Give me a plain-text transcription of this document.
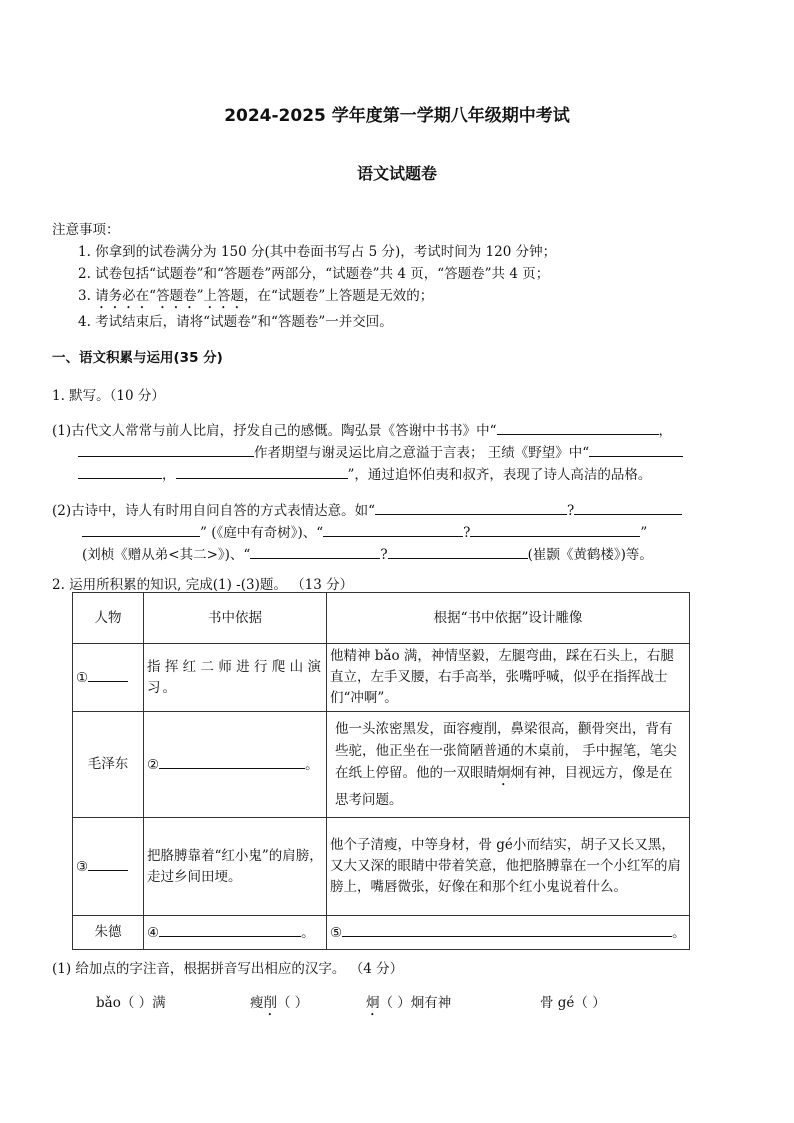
2024-2025 学年度第一学期八年级期中考试
语文试题卷
注意事项：
1. 你拿到的试卷满分为 150 分(其中卷面书写占 5 分)，考试时间为 120 分钟；
2. 试卷包括“试题卷”和“答题卷”两部分，“试题卷”共 4 页，“答题卷”共 4 页；
3. 请务必在“答题卷”上答题，在“试题卷”上答题是无效的；
4. 考试结束后，请将“试题卷”和“答题卷”一并交回。
一、语文积累与运用(35 分)
1. 默写。（10 分）
(1)古代文人常常与前人比肩，抒发自己的感慨。陶弘景《答谢中书书》中“	，
作者期望与谢灵运比肩之意溢于言表； 王绩《野望》中“
，	”，通过追怀伯夷和叔齐，表现了诗人高洁的品格。
(2)古诗中，诗人有时用自问自答的方式表情达意。如“	?
” (《庭中有奇树》)、“	?	”
(刘桢《赠从弟<其二>》)、“	?	(崔颢《黄鹤楼》)等。
2. 运用所积累的知识, 完成(1) -(3)题。 （13 分）
人物	书中依据	根据“书中依据”设计雕像
①	指挥红二师进行爬山演习。	他精神 bǎo 满，神情坚毅，左腿弯曲，踩在石头上，右腿直立，左手叉腰，右手高举，张嘴呼喊，似乎在指挥战士们“冲啊”。
毛泽东	② 。	他一头浓密黑发，面容瘦削，鼻梁很高，颧骨突出，背有些驼，他正坐在一张简陋普通的木桌前， 手中握笔，笔尖在纸上停留。他的一双眼睛炯炯有神，目视远方，像是在思考问题。
③	把胳膊靠着“红小鬼”的肩膀， 走过乡间田埂。	他个子清瘦，中等身材，骨 gé小而结实，胡子又长又黑，又大又深的眼睛中带着笑意，他把胳膊靠在一个小红军的肩膀上，嘴唇微张，好像在和那个红小鬼说着什么。
朱德	④ 。	⑤ 。
(1) 给加点的字注音，根据拼音写出相应的汉字。 （4 分）
bǎo（ ）满	瘦削（ ）	炯（ ）炯有神	骨 gé（ ）
